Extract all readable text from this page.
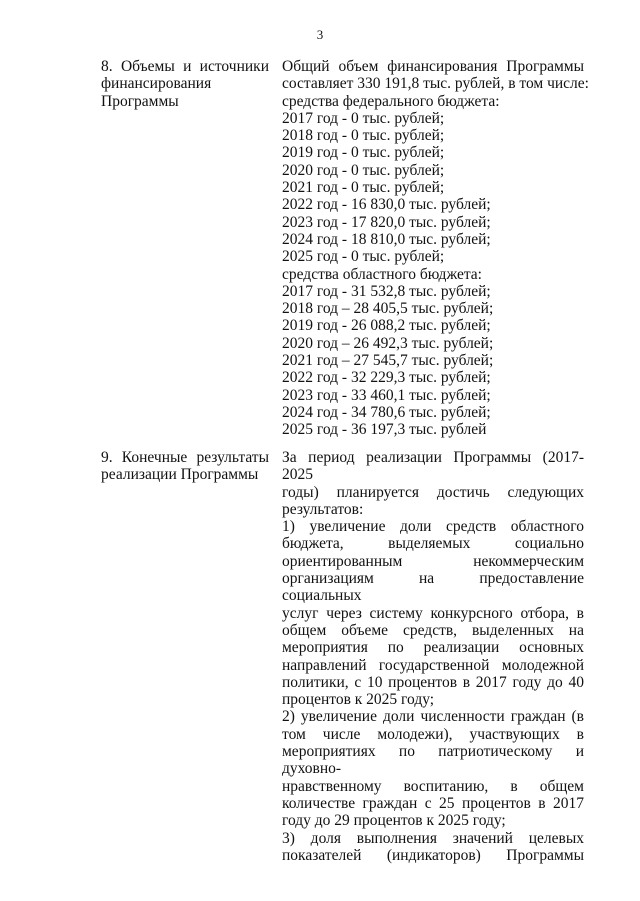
3
8. Объемы и источники
финансирования
Программы
Общий объем финансирования Программы
составляет 330 191,8 тыс. рублей, в том числе:
средства федерального бюджета:
2017 год - 0 тыс. рублей;
2018 год - 0 тыс. рублей;
2019 год - 0 тыс. рублей;
2020 год - 0 тыс. рублей;
2021 год - 0 тыс. рублей;
2022 год - 16 830,0 тыс. рублей;
2023 год - 17 820,0 тыс. рублей;
2024 год - 18 810,0 тыс. рублей;
2025 год - 0 тыс. рублей;
средства областного бюджета:
2017 год - 31 532,8 тыс. рублей;
2018 год – 28 405,5 тыс. рублей;
2019 год - 26 088,2 тыс. рублей;
2020 год – 26 492,3 тыс. рублей;
2021 год – 27 545,7 тыс. рублей;
2022 год - 32 229,3 тыс. рублей;
2023 год - 33 460,1 тыс. рублей;
2024 год - 34 780,6 тыс. рублей;
2025 год - 36 197,3 тыс. рублей
9. Конечные результаты
реализации Программы
За период реализации Программы (2017-2025
годы) планируется достичь следующих
результатов:
1) увеличение доли средств областного
бюджета, выделяемых социально
ориентированным некоммерческим
организациям на предоставление социальных
услуг через систему конкурсного отбора, в
общем объеме средств, выделенных на
мероприятия по реализации основных
направлений государственной молодежной
политики, с 10 процентов в 2017 году до 40
процентов к 2025 году;
2) увеличение доли численности граждан (в
том числе молодежи), участвующих в
мероприятиях по патриотическому и духовно-
нравственному воспитанию, в общем
количестве граждан с 25 процентов в 2017
году до 29 процентов к 2025 году;
3) доля выполнения значений целевых
показателей (индикаторов) Программы
